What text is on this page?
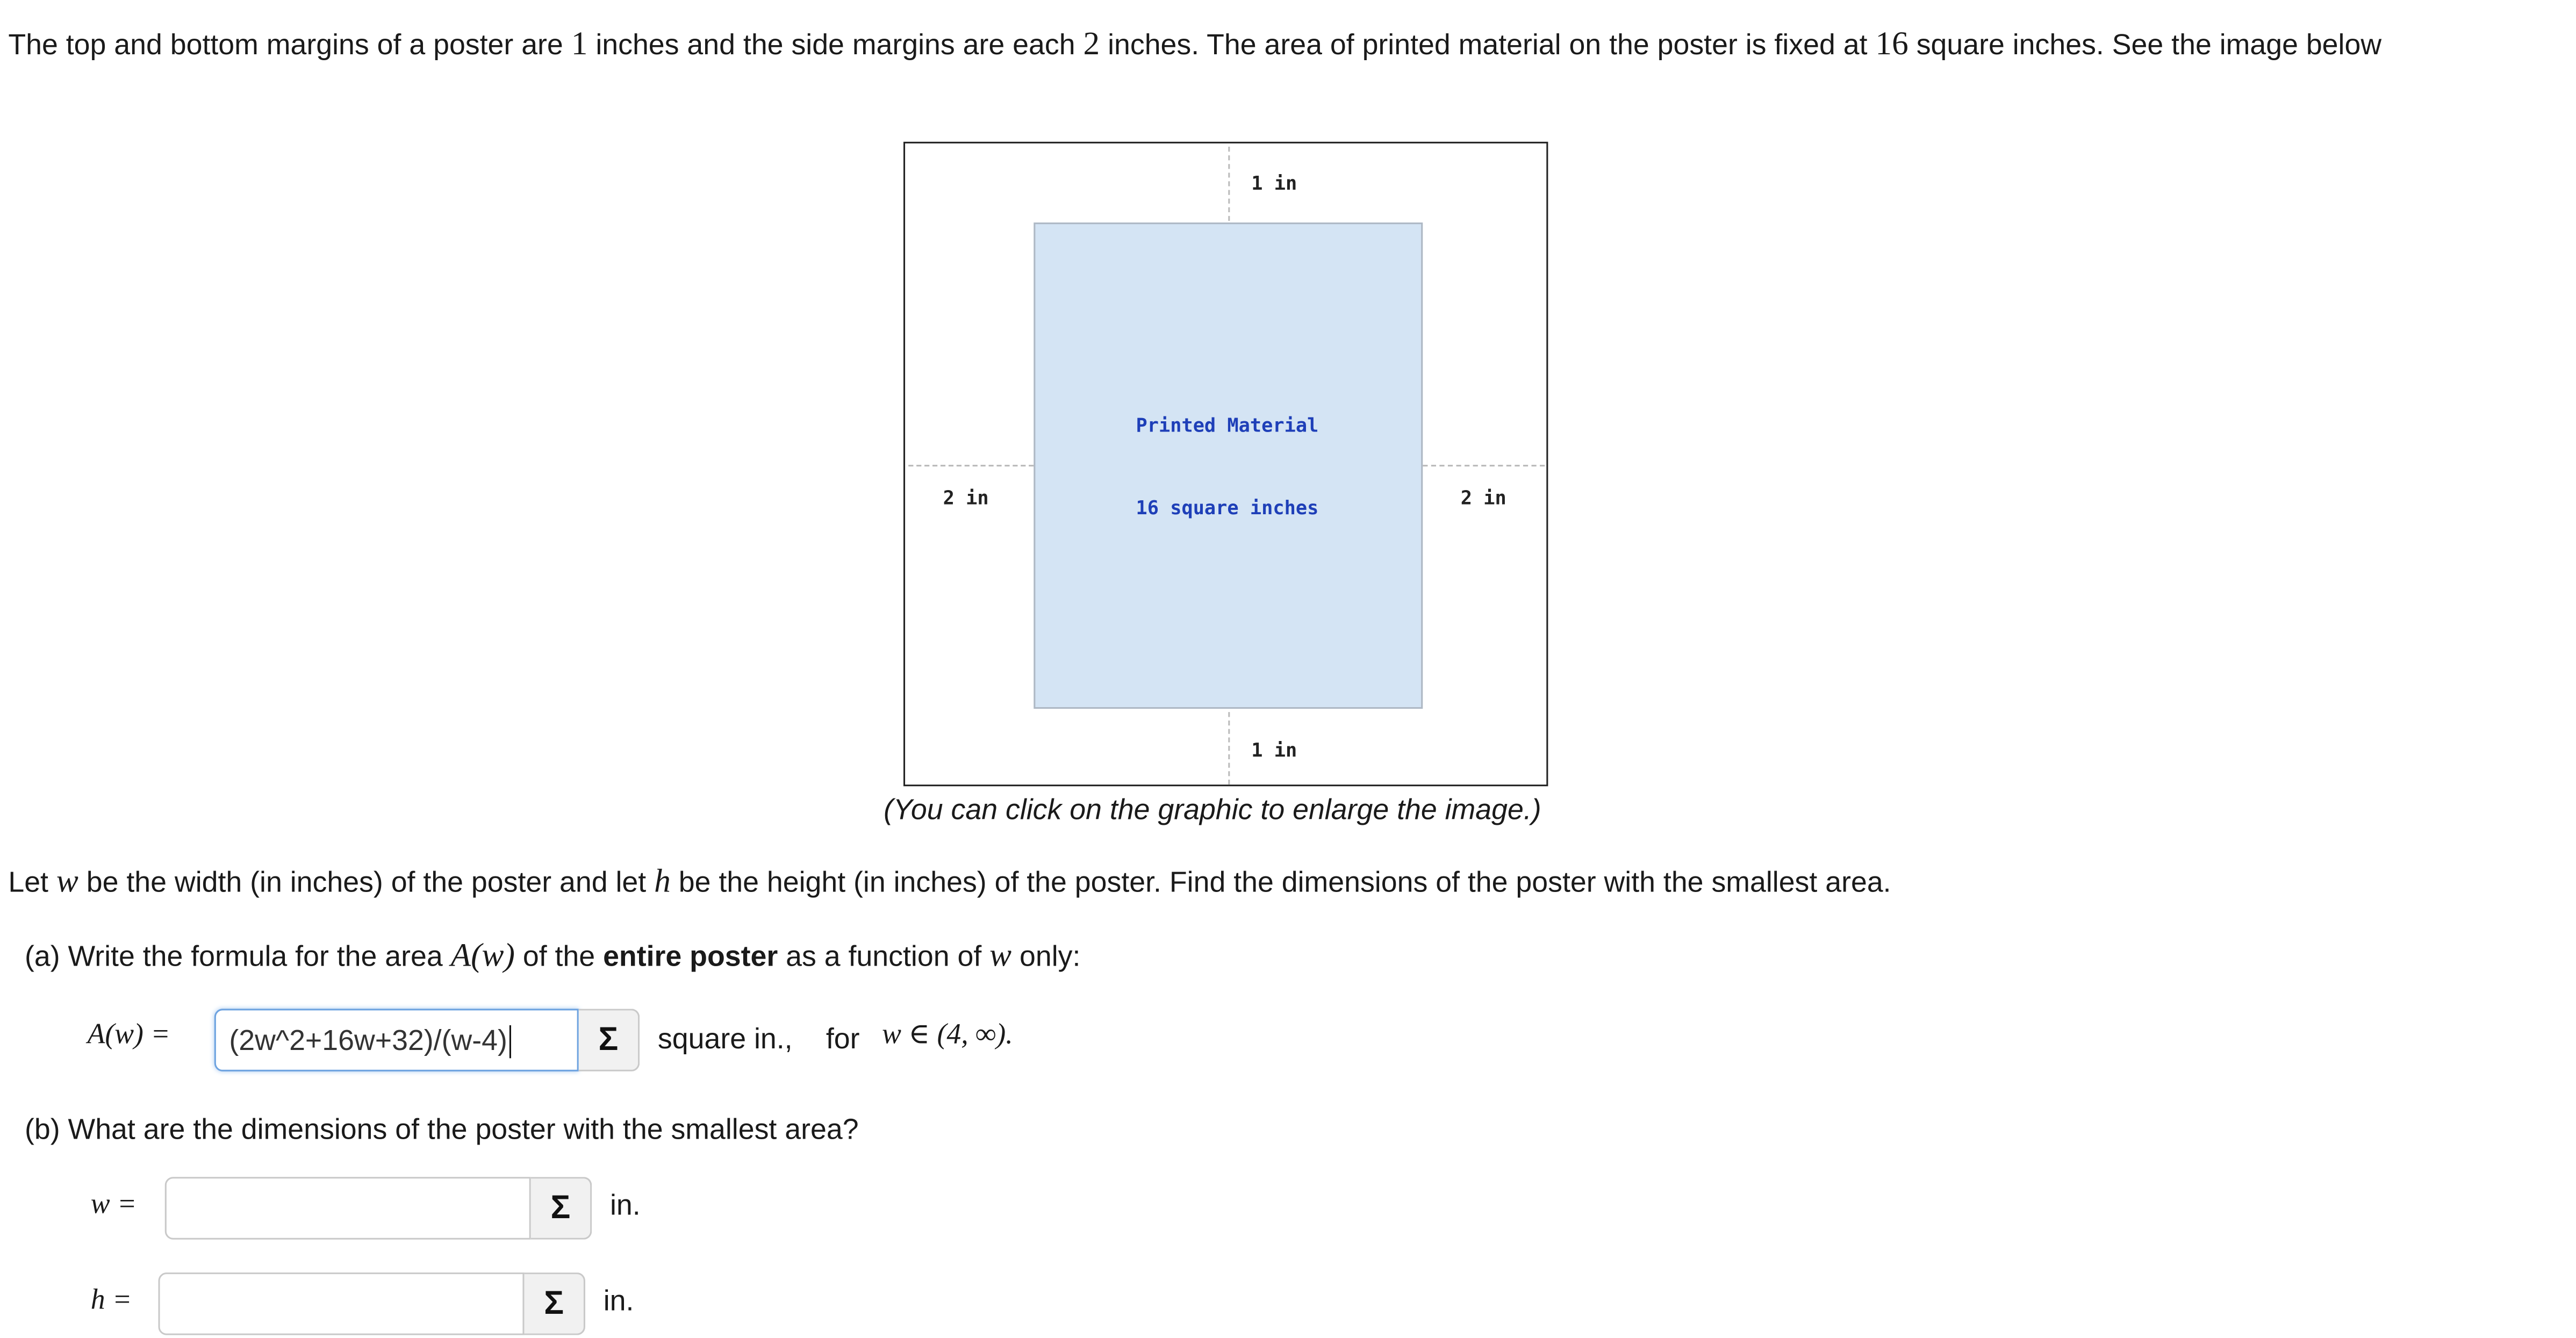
The top and bottom margins of a poster are 1 inches and the side margins are each 2 inches. The area of printed material on the poster is fixed at 16 square inches. See the image below
Printed Material
16 square inches
1 in
1 in
2 in	2 in
(You can click on the graphic to enlarge the image.)
Let w be the width (in inches) of the poster and let h be the height (in inches) of the poster. Find the dimensions of the poster with the smallest area.
(a) Write the formula for the area A(w) of the entire poster as a function of w only:
A(w) =	(2w^2+16w+32)/(w-4)	Σ	square in.,	for w ∈ (4, ∞).
(b) What are the dimensions of the poster with the smallest area?
w =	Σ	in.
h =	Σ	in.
